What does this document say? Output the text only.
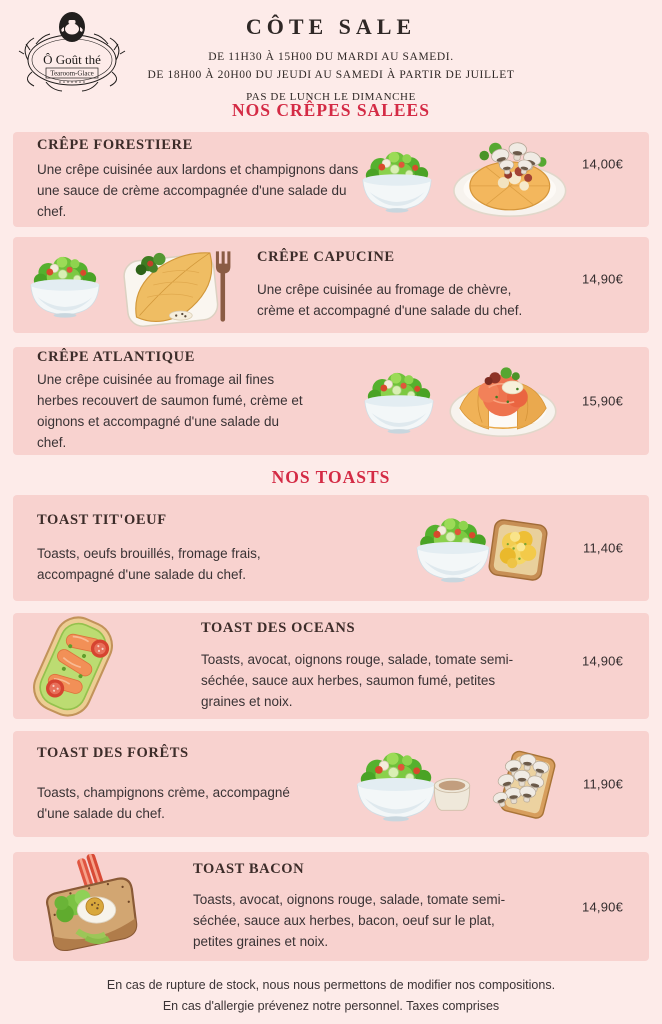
Ô Goût thé
Tearoom-Glace
CÔTE SALE
DE 11H30 À 15H00 DU MARDI AU SAMEDI.
DE 18H00 À 20H00 DU JEUDI AU SAMEDI À PARTIR DE JUILLET
PAS DE LUNCH LE DIMANCHE
NOS CRÊPES SALEES
CRÊPE FORESTIERE

Une crêpe cuisinée aux lardons et champignons dans une sauce de crème accompagnée d'une salade du chef.

14,00€
CRÊPE CAPUCINE

Une crêpe cuisinée au fromage de chèvre, crème et accompagné d'une salade du chef.

14,90€
CRÊPE ATLANTIQUE

Une crêpe cuisinée au fromage ail fines herbes recouvert de saumon fumé, crème et oignons et accompagné d'une salade du chef.

15,90€
NOS TOASTS
TOAST TIT'OEUF

Toasts, oeufs brouillés, fromage frais, accompagné d'une salade du chef.

11,40€
TOAST DES OCEANS

Toasts, avocat, oignons rouge, salade, tomate semi-séchée, sauce aux herbes, saumon fumé, petites graines et noix.

14,90€
TOAST DES FORÊTS

Toasts, champignons crème, accompagné d'une salade du chef.

11,90€
TOAST BACON

Toasts, avocat, oignons rouge, salade, tomate semi-séchée, sauce aux herbes, bacon, oeuf sur le plat, petites graines et noix.

14,90€
En cas de rupture de stock, nous nous permettons de modifier nos compositions.
En cas d'allergie prévenez notre personnel. Taxes comprises
